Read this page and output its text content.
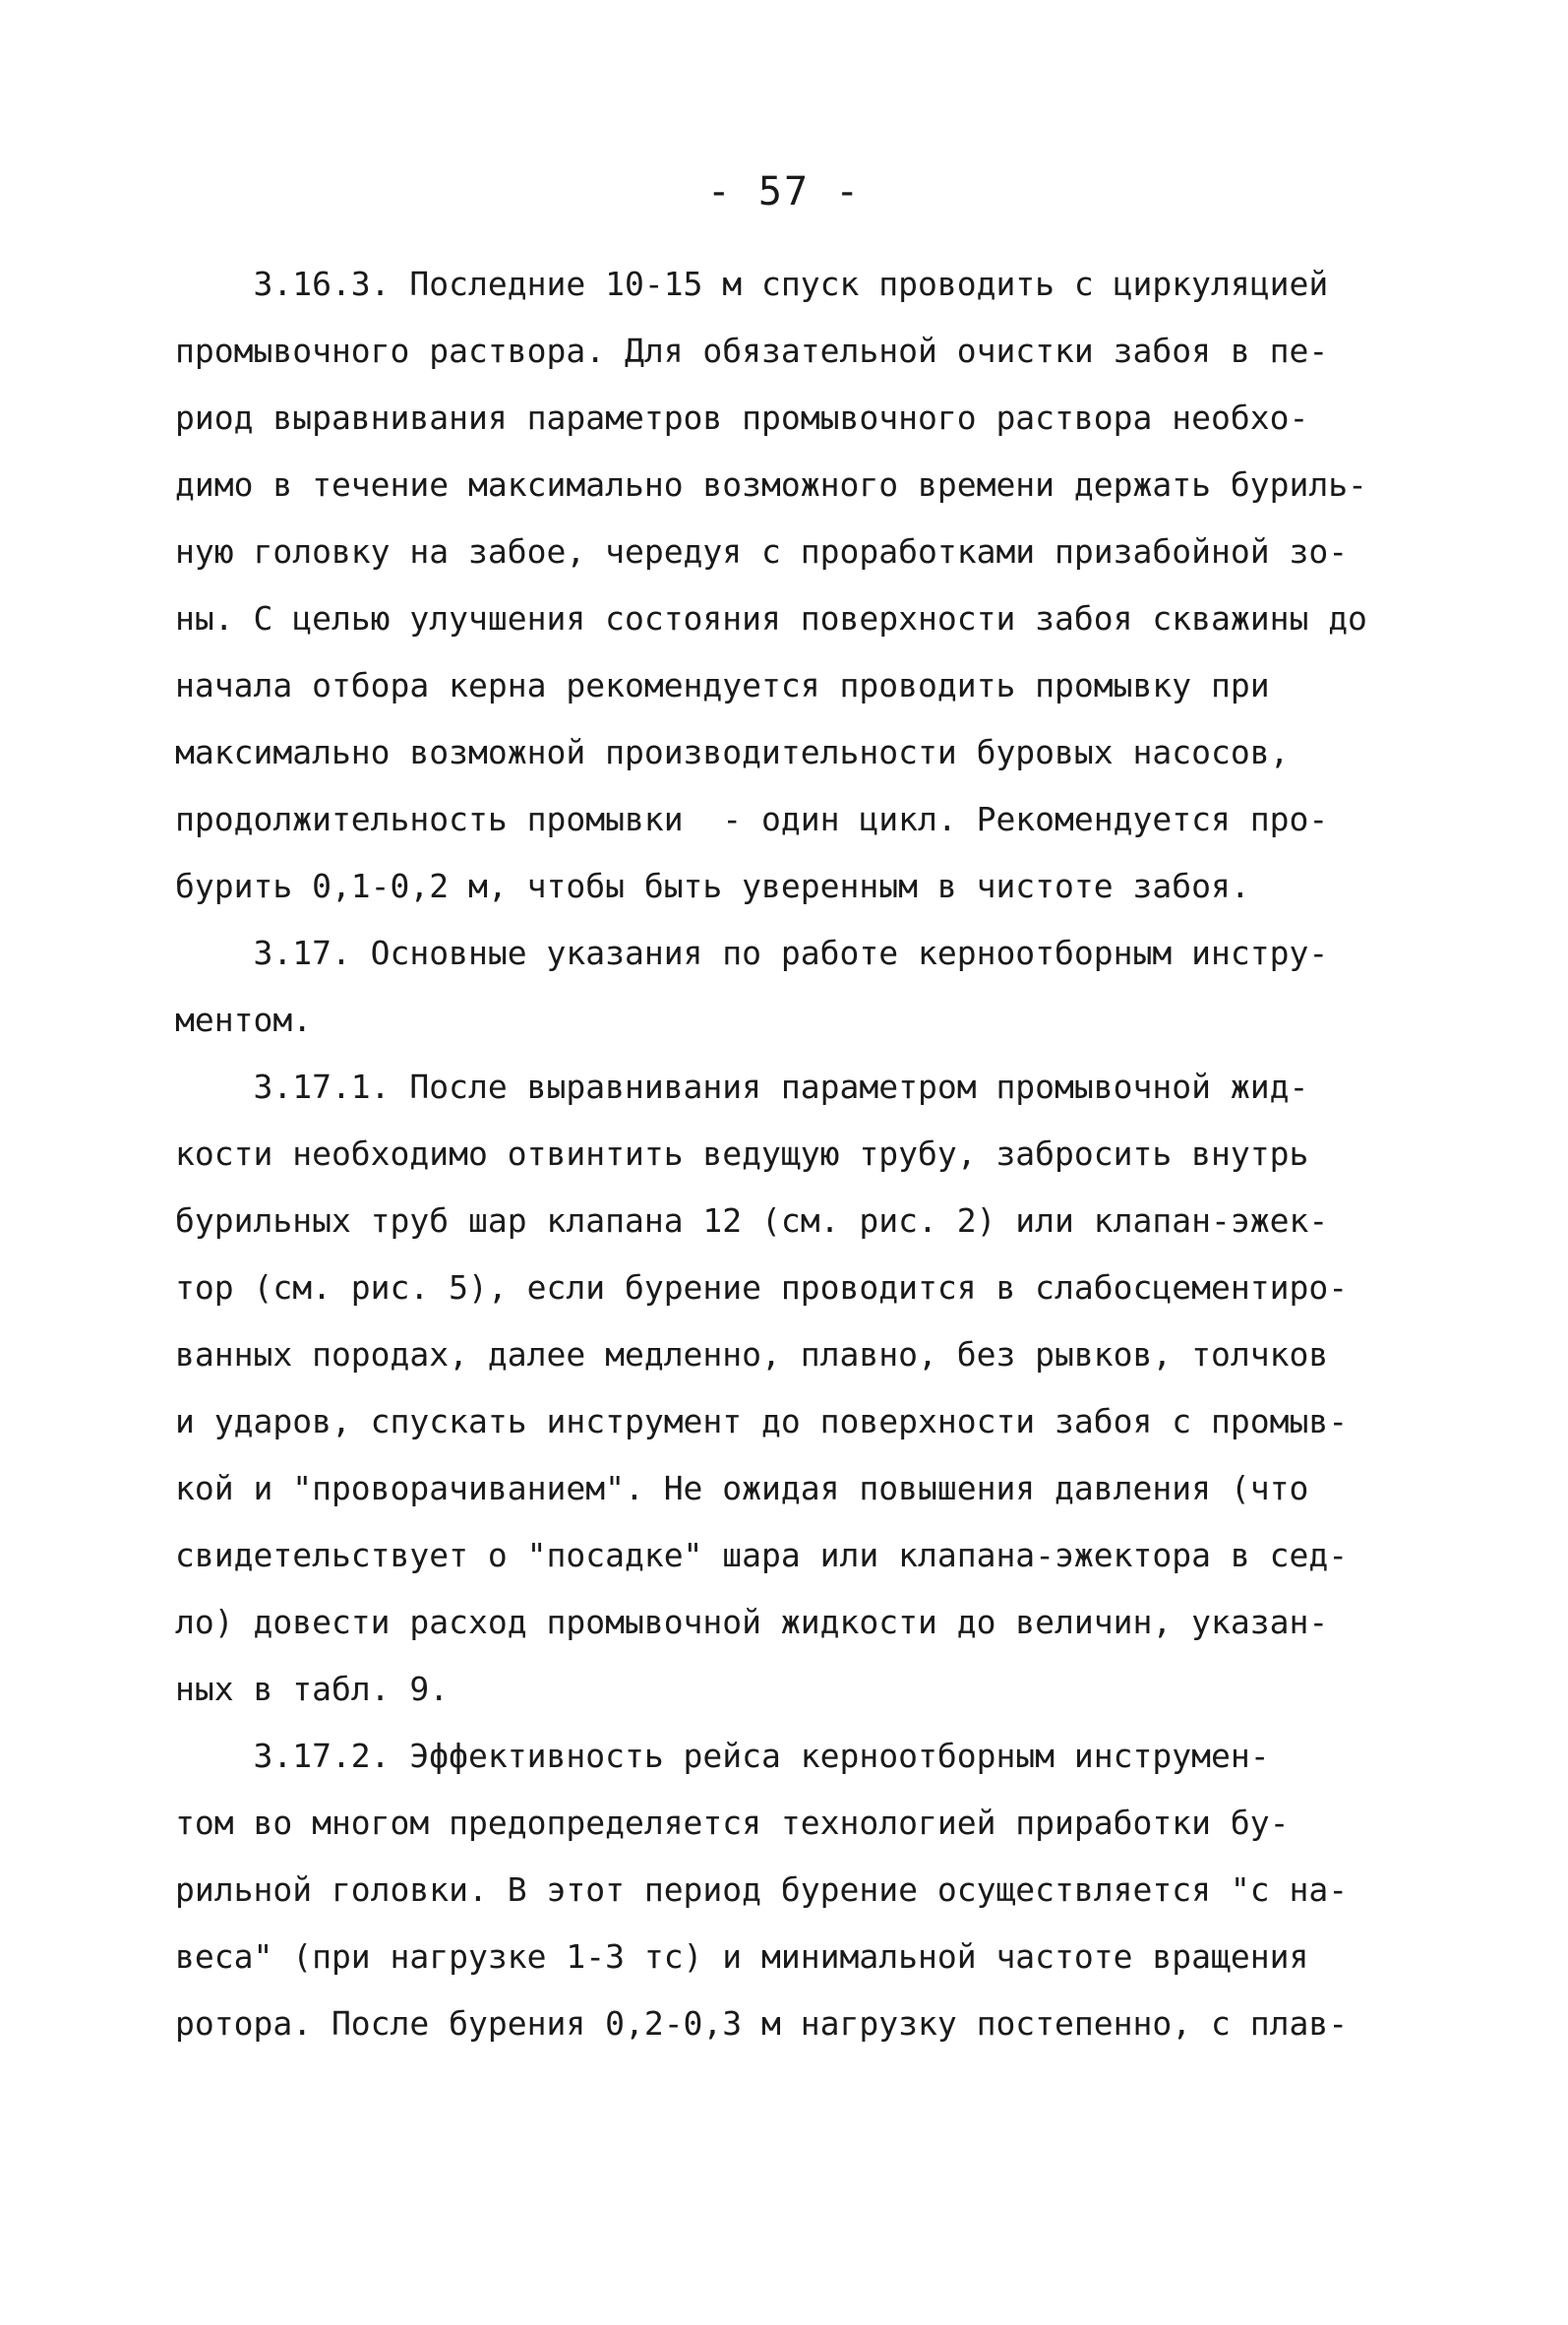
- 57 -
3.16.3. Последние 10-15 м спуск проводить с циркуляцией
промывочного раствора. Для обязательной очистки забоя в пе-
риод выравнивания параметров промывочного раствора необхо-
димо в течение максимально возможного времени держать буриль-
ную головку на забое, чередуя с проработками призабойной зо-
ны. С целью улучшения состояния поверхности забоя скважины до
начала отбора керна рекомендуется проводить промывку при
максимально возможной производительности буровых насосов,
продолжительность промывки  - один цикл. Рекомендуется про-
бурить 0,1-0,2 м, чтобы быть уверенным в чистоте забоя.
3.17. Основные указания по работе керноотборным инстру-
ментом.
3.17.1. После выравнивания параметром промывочной жид-
кости необходимо отвинтить ведущую трубу, забросить внутрь
бурильных труб шар клапана 12 (см. рис. 2) или клапан-эжек-
тор (см. рис. 5), если бурение проводится в слабосцементиро-
ванных породах, далее медленно, плавно, без рывков, толчков
и ударов, спускать инструмент до поверхности забоя с промыв-
кой и "проворачиванием". Не ожидая повышения давления (что
свидетельствует о "посадке" шара или клапана-эжектора в сед-
ло) довести расход промывочной жидкости до величин, указан-
ных в табл. 9.
3.17.2. Эффективность рейса керноотборным инструмен-
том во многом предопределяется технологией приработки бу-
рильной головки. В этот период бурение осуществляется "с на-
веса" (при нагрузке 1-3 тс) и минимальной частоте вращения
ротора. После бурения 0,2-0,3 м нагрузку постепенно, с плав-
